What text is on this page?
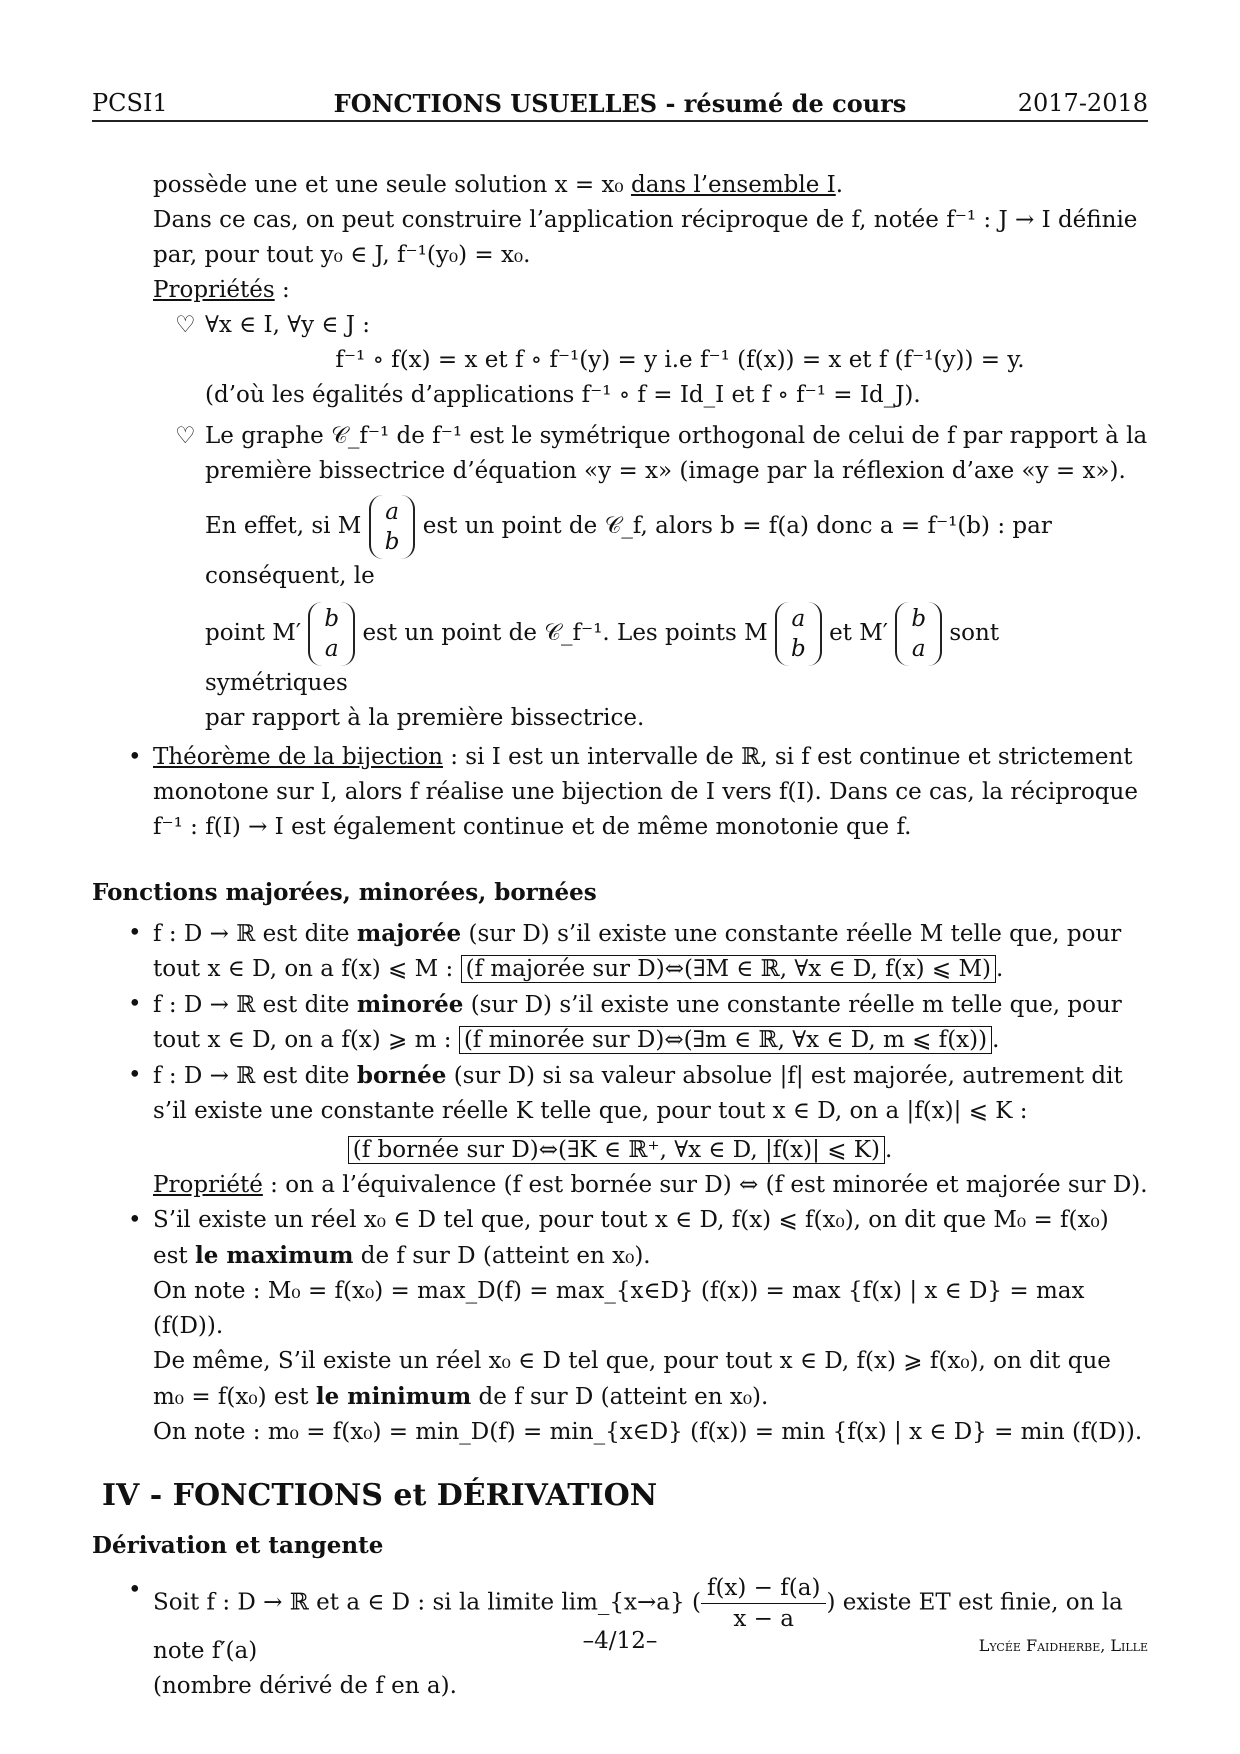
PCSI1	FONCTIONS USUELLES - résumé de cours	2017-2018

possède une et une seule solution x = x₀ dans l’ensemble I.

Dans ce cas, on peut construire l’application réciproque de f, notée f⁻¹ : J → I définie par, pour tout y₀ ∈ J, f⁻¹(y₀) = x₀.

Propriétés :

♡ ∀x ∈ I, ∀y ∈ J :

f⁻¹ ∘ f(x) = x et f ∘ f⁻¹(y) = y i.e f⁻¹ (f(x)) = x et f (f⁻¹(y)) = y.

(d’où les égalités d’applications f⁻¹ ∘ f = Id_I et f ∘ f⁻¹ = Id_J).

♡ Le graphe 𝒞_f⁻¹ de f⁻¹ est le symétrique orthogonal de celui de f par rapport à la première bissectrice d’équation «y = x» (image par la réflexion d’axe «y = x»).

En effet, si M a
b est un point de 𝒞_f, alors b = f(a) donc a = f⁻¹(b) : par conséquent, le

point M′ b
a est un point de 𝒞_f⁻¹. Les points M a
b et M′ b
a sont symétriques

par rapport à la première bissectrice.

• Théorème de la bijection : si I est un intervalle de ℝ, si f est continue et strictement monotone sur I, alors f réalise une bijection de I vers f(I). Dans ce cas, la réciproque f⁻¹ : f(I) → I est également continue et de même monotonie que f.

Fonctions majorées, minorées, bornées

• f : D → ℝ est dite majorée (sur D) s’il existe une constante réelle M telle que, pour tout x ∈ D, on a f(x) ⩽ M : (f majorée sur D)⇔(∃M ∈ ℝ, ∀x ∈ D, f(x) ⩽ M) .

• f : D → ℝ est dite minorée (sur D) s’il existe une constante réelle m telle que, pour tout x ∈ D, on a f(x) ⩾ m : (f minorée sur D)⇔(∃m ∈ ℝ, ∀x ∈ D, m ⩽ f(x)) .

• f : D → ℝ est dite bornée (sur D) si sa valeur absolue |f| est majorée, autrement dit s’il existe une constante réelle K telle que, pour tout x ∈ D, on a |f(x)| ⩽ K :

(f bornée sur D)⇔(∃K ∈ ℝ⁺, ∀x ∈ D, |f(x)| ⩽ K) .

Propriété : on a l’équivalence (f est bornée sur D) ⇔ (f est minorée et majorée sur D).

• S’il existe un réel x₀ ∈ D tel que, pour tout x ∈ D, f(x) ⩽ f(x₀), on dit que M₀ = f(x₀) est le maximum de f sur D (atteint en x₀).

On note : M₀ = f(x₀) = max_D(f) = max_{x∈D} (f(x)) = max {f(x) | x ∈ D} = max (f(D)).

De même, S’il existe un réel x₀ ∈ D tel que, pour tout x ∈ D, f(x) ⩾ f(x₀), on dit que m₀ = f(x₀) est le minimum de f sur D (atteint en x₀).

On note : m₀ = f(x₀) = min_D(f) = min_{x∈D} (f(x)) = min {f(x) | x ∈ D} = min (f(D)).

IV - FONCTIONS et DÉRIVATION

Dérivation et tangente

• Soit f : D → ℝ et a ∈ D : si la limite lim_{x→a} ( $\frac{f(x) - f(a)}{x - a}$ ) existe ET est finie, on la note f′(a)

(nombre dérivé de f en a).

–4/12–	Lycée Faidherbe, Lille
